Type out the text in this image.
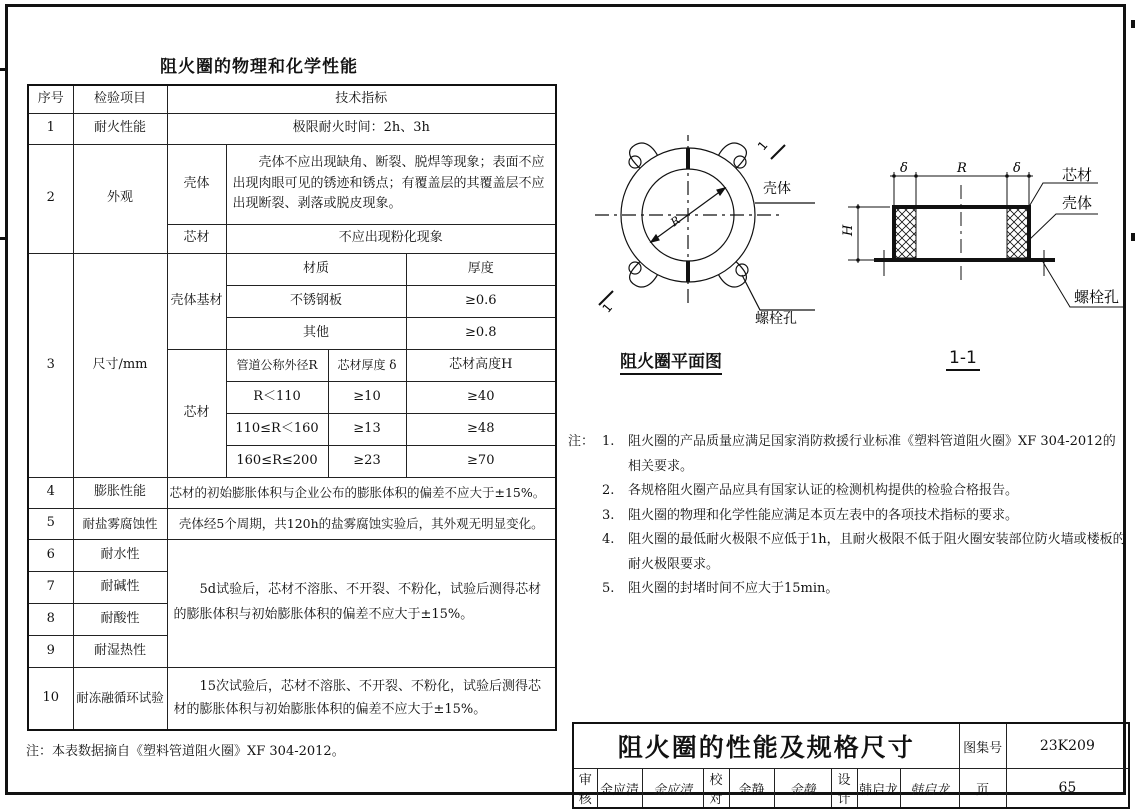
阻火圈的物理和化学性能
序号	检验项目	技术指标			
1	耐火性能	极限耐火时间：2h、3h			
2	外观	壳体	壳体不应出现缺角、断裂、脱焊等现象；表面不应出现肉眼可见的锈迹和锈点；有覆盖层的其覆盖层不应出现断裂、剥落或脱皮现象。		
		芯材	不应出现粉化现象		
3	尺寸/mm	壳体基材	材质		厚度
			不锈钢板		≥0.6
			其他		≥0.8
		芯材	管道公称外径R	芯材厚度 δ	芯材高度H
			R＜110	≥10	≥40
			110≤R＜160	≥13	≥48
			160≤R≤200	≥23	≥70
4	膨胀性能	芯材的初始膨胀体积与企业公布的膨胀体积的偏差不应大于±15%。			
5	耐盐雾腐蚀性	壳体经5个周期，共120h的盐雾腐蚀实验后，其外观无明显变化。			
6	耐水性	5d试验后，芯材不溶胀、不开裂、不粉化，试验后测得芯材的膨胀体积与初始膨胀体积的偏差不应大于±15%。			
7	耐碱性				
8	耐酸性				
9	耐湿热性				
10	耐冻融循环试验	15次试验后，芯材不溶胀、不开裂、不粉化，试验后测得芯材的膨胀体积与初始膨胀体积的偏差不应大于±15%。			
注：本表数据摘自《塑料管道阻火圈》XF 304-2012。
壳体
螺栓孔
R
1
1
阻火圈平面图
δ	R	δ
H
芯材
壳体
螺栓孔
1-1
注： 1.	阻火圈的产品质量应满足国家消防救援行业标准《塑料管道阻火圈》XF 304-2012的相关要求。
2.	各规格阻火圈产品应具有国家认证的检测机构提供的检验合格报告。
3.	阻火圈的物理和化学性能应满足本页左表中的各项技术指标的要求。
4.	阻火圈的最低耐火极限不应低于1h，且耐火极限不低于阻火圈安装部位防火墙或楼板的耐火极限要求。
5.	阻火圈的封堵时间不应大于15min。
阻火圈的性能及规格尺寸									图集号	23K209
审核	余应清	余应清	校对	余静	余静	设计	韩启龙	韩启龙	页	65
